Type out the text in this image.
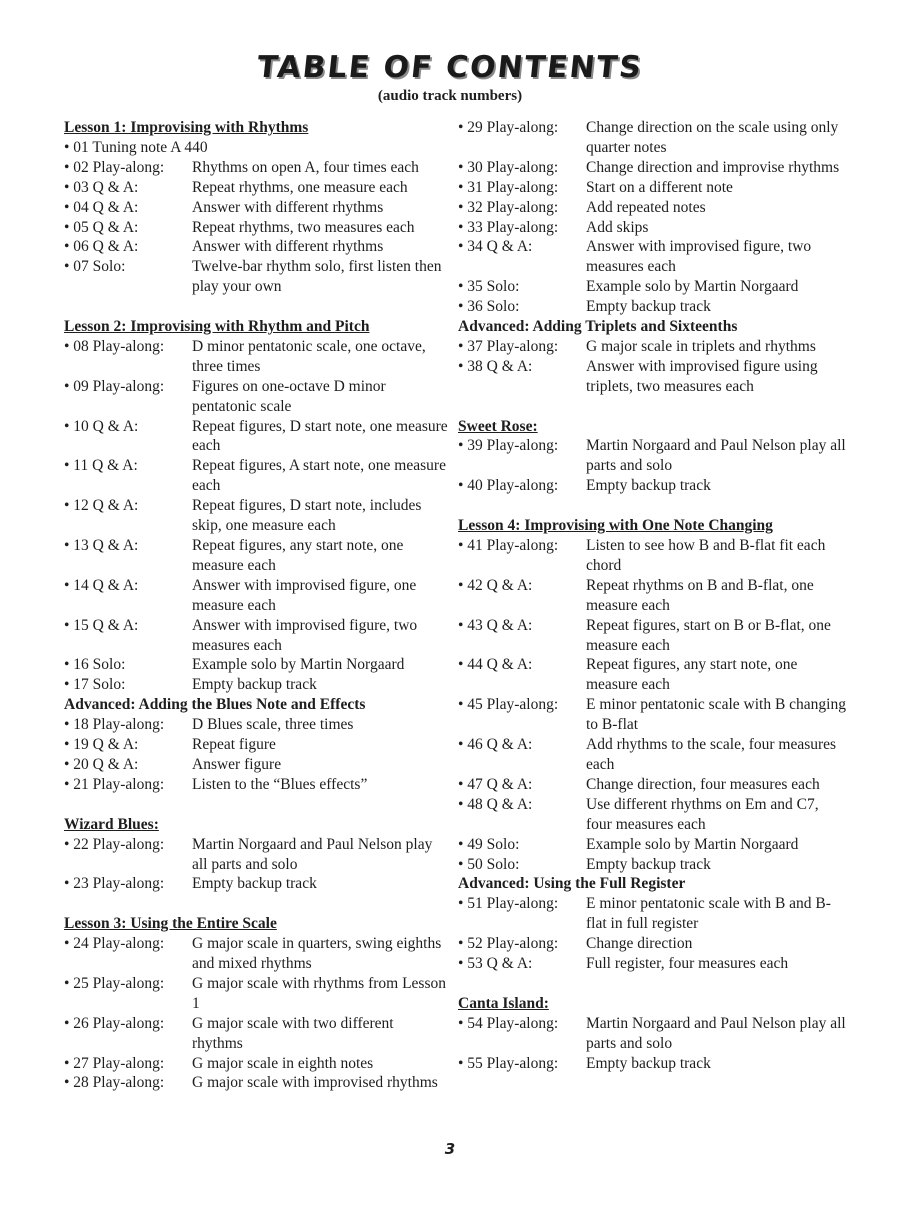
TABLE OF CONTENTS
(audio track numbers)
Lesson 1: Improvising with Rhythms
• 01 Tuning note A 440
• 02 Play-along:	Rhythms on open A, four times each
• 03 Q & A:	Repeat rhythms, one measure each
• 04 Q & A:	Answer with different rhythms
• 05 Q & A:	Repeat rhythms, two measures each
• 06 Q & A:	Answer with different rhythms
• 07 Solo:	Twelve-bar rhythm solo, first listen then play your own
Lesson 2: Improvising with Rhythm and Pitch
• 08 Play-along:	D minor pentatonic scale, one octave, three times
• 09 Play-along:	Figures on one-octave D minor pentatonic scale
• 10 Q & A:	Repeat figures, D start note, one measure each
• 11 Q & A:	Repeat figures, A start note, one measure each
• 12 Q & A:	Repeat figures, D start note, includes skip, one measure each
• 13 Q & A:	Repeat figures, any start note, one measure each
• 14 Q & A:	Answer with improvised figure, one measure each
• 15 Q & A:	Answer with improvised figure, two measures each
• 16 Solo:	Example solo by Martin Norgaard
• 17 Solo:	Empty backup track
Advanced: Adding the Blues Note and Effects
• 18 Play-along:	D Blues scale, three times
• 19 Q & A:	Repeat figure
• 20 Q & A:	Answer figure
• 21 Play-along:	Listen to the “Blues effects”
Wizard Blues:
• 22 Play-along:	Martin Norgaard and Paul Nelson play all parts and solo
• 23 Play-along:	Empty backup track
Lesson 3: Using the Entire Scale
• 24 Play-along:	G major scale in quarters, swing eighths and mixed rhythms
• 25 Play-along:	G major scale with rhythms from Lesson 1
• 26 Play-along:	G major scale with two different rhythms
• 27 Play-along:	G major scale in eighth notes
• 28 Play-along:	G major scale with improvised rhythms
• 29 Play-along:	Change direction on the scale using only quarter notes
• 30 Play-along:	Change direction and improvise rhythms
• 31 Play-along:	Start on a different note
• 32 Play-along:	Add repeated notes
• 33 Play-along:	Add skips
• 34 Q & A:	Answer with improvised figure, two measures each
• 35 Solo:	Example solo by Martin Norgaard
• 36 Solo:	Empty backup track
Advanced: Adding Triplets and Sixteenths
• 37 Play-along:	G major scale in triplets and rhythms
• 38 Q & A:	Answer with improvised figure using triplets, two measures each
Sweet Rose:
• 39 Play-along:	Martin Norgaard and Paul Nelson play all parts and solo
• 40 Play-along:	Empty backup track
Lesson 4: Improvising with One Note Changing
• 41 Play-along:	Listen to see how B and B-flat fit each chord
• 42 Q & A:	Repeat rhythms on B and B-flat, one measure each
• 43 Q & A:	Repeat figures, start on B or B-flat, one measure each
• 44 Q & A:	Repeat figures, any start note, one measure each
• 45 Play-along:	E minor pentatonic scale with B changing to B-flat
• 46 Q & A:	Add rhythms to the scale, four measures each
• 47 Q & A:	Change direction, four measures each
• 48 Q & A:	Use different rhythms on Em and C7, four measures each
• 49 Solo:	Example solo by Martin Norgaard
• 50 Solo:	Empty backup track
Advanced: Using the Full Register
• 51 Play-along:	E minor pentatonic scale with B and B-flat in full register
• 52 Play-along:	Change direction
• 53 Q & A:	Full register, four measures each
Canta Island:
• 54 Play-along:	Martin Norgaard and Paul Nelson play all parts and solo
• 55 Play-along:	Empty backup track
3
